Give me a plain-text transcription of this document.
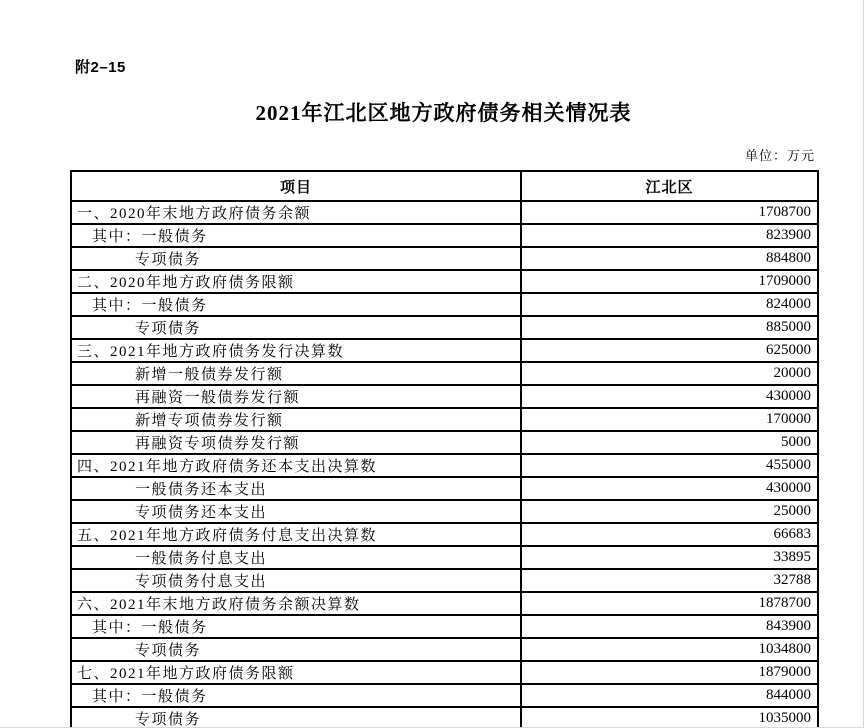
附2–15
2021年江北区地方政府债务相关情况表
单位：万元
项目	江北区
一、2020年末地方政府债务余额	1708700
其中：一般债务	823900
专项债务	884800
二、2020年地方政府债务限额	1709000
其中：一般债务	824000
专项债务	885000
三、2021年地方政府债务发行决算数	625000
新增一般债券发行额	20000
再融资一般债券发行额	430000
新增专项债券发行额	170000
再融资专项债券发行额	5000
四、2021年地方政府债务还本支出决算数	455000
一般债务还本支出	430000
专项债务还本支出	25000
五、2021年地方政府债务付息支出决算数	66683
一般债务付息支出	33895
专项债务付息支出	32788
六、2021年末地方政府债务余额决算数	1878700
其中：一般债务	843900
专项债务	1034800
七、2021年地方政府债务限额	1879000
其中：一般债务	844000
专项债务	1035000
